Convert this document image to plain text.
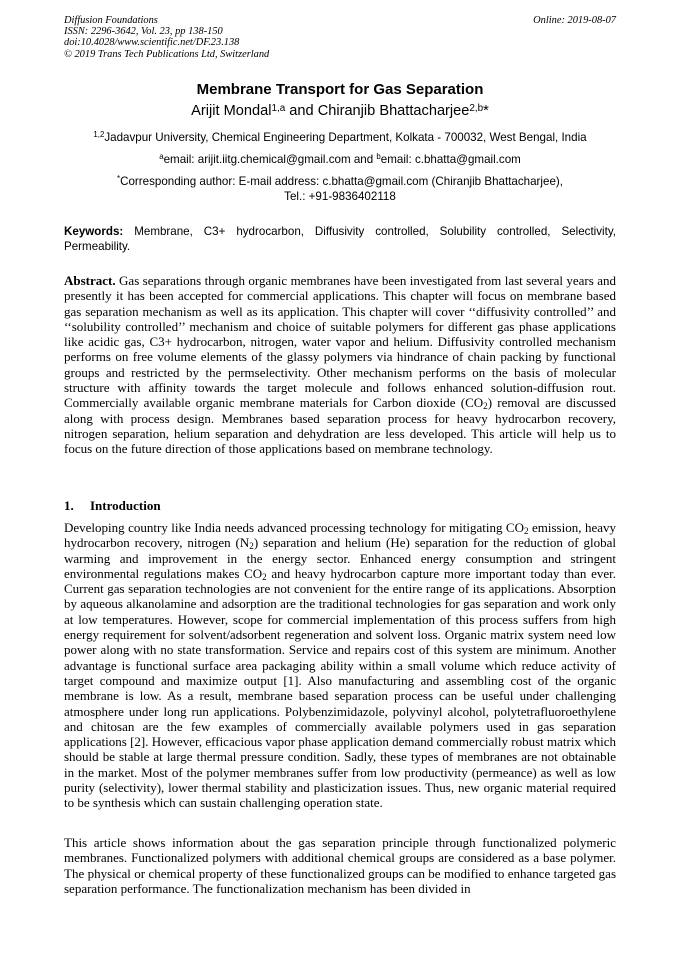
Diffusion Foundations
ISSN: 2296-3642, Vol. 23, pp 138-150
doi:10.4028/www.scientific.net/DF.23.138
© 2019 Trans Tech Publications Ltd, Switzerland
Online: 2019-08-07
Membrane Transport for Gas Separation
Arijit Mondal$^{1,a}$ and Chiranjib Bhattacharjee$^{2,b}$*
$^{1,2}$Jadavpur University, Chemical Engineering Department, Kolkata - 700032, West Bengal, India
$^a$email: arijit.iitg.chemical@gmail.com and $^b$email: c.bhatta@gmail.com
*Corresponding author: E-mail address: c.bhatta@gmail.com (Chiranjib Bhattacharjee),
Tel.: +91-9836402118
Keywords: Membrane, C3+ hydrocarbon, Diffusivity controlled, Solubility controlled, Selectivity, Permeability.
Abstract. Gas separations through organic membranes have been investigated from last several years and presently it has been accepted for commercial applications. This chapter will focus on membrane based gas separation mechanism as well as its application. This chapter will cover ‘‘diffusivity controlled’’ and ‘‘solubility controlled’’ mechanism and choice of suitable polymers for different gas phase applications like acidic gas, C3+ hydrocarbon, nitrogen, water vapor and helium. Diffusivity controlled mechanism performs on free volume elements of the glassy polymers via hindrance of chain packing by functional groups and restricted by the permselectivity. Other mechanism performs on the basis of molecular structure with affinity towards the target molecule and follows enhanced solution-diffusion rout. Commercially available organic membrane materials for Carbon dioxide $(CO_2)$ removal are discussed along with process design. Membranes based separation process for heavy hydrocarbon recovery, nitrogen separation, helium separation and dehydration are less developed. This article will help us to focus on the future direction of those applications based on membrane technology.
1. Introduction
Developing country like India needs advanced processing technology for mitigating $CO_2$ emission, heavy hydrocarbon recovery, nitrogen $(N_2)$ separation and helium (He) separation for the reduction of global warming and improvement in the energy sector. Enhanced energy consumption and stringent environmental regulations makes $CO_2$ and heavy hydrocarbon capture more important today than ever. Current gas separation technologies are not convenient for the entire range of its applications. Absorption by aqueous alkanolamine and adsorption are the traditional technologies for gas separation and work only at low temperatures. However, scope for commercial implementation of this process suffers from high energy requirement for solvent/adsorbent regeneration and solvent loss. Organic matrix system need low power along with no state transformation. Service and repairs cost of this system are minimum. Another advantage is functional surface area packaging ability within a small volume which reduce activity of target compound and maximize output [1]. Also manufacturing and assembling cost of the organic membrane is low. As a result, membrane based separation process can be useful under challenging atmosphere under long run applications. Polybenzimidazole, polyvinyl alcohol, polytetrafluoroethylene and chitosan are the few examples of commercially available polymers used in gas separation applications [2]. However, efficacious vapor phase application demand commercially robust matrix which should be stable at large thermal pressure condition. Sadly, these types of membranes are not obtainable in the market. Most of the polymer membranes suffer from low productivity (permeance) as well as low purity (selectivity), lower thermal stability and plasticization issues. Thus, new organic material required to be synthesis which can sustain challenging operation state.
This article shows information about the gas separation principle through functionalized polymeric membranes. Functionalized polymers with additional chemical groups are considered as a base polymer. The physical or chemical property of these functionalized groups can be modified to enhance targeted gas separation performance. The functionalization mechanism has been divided in
